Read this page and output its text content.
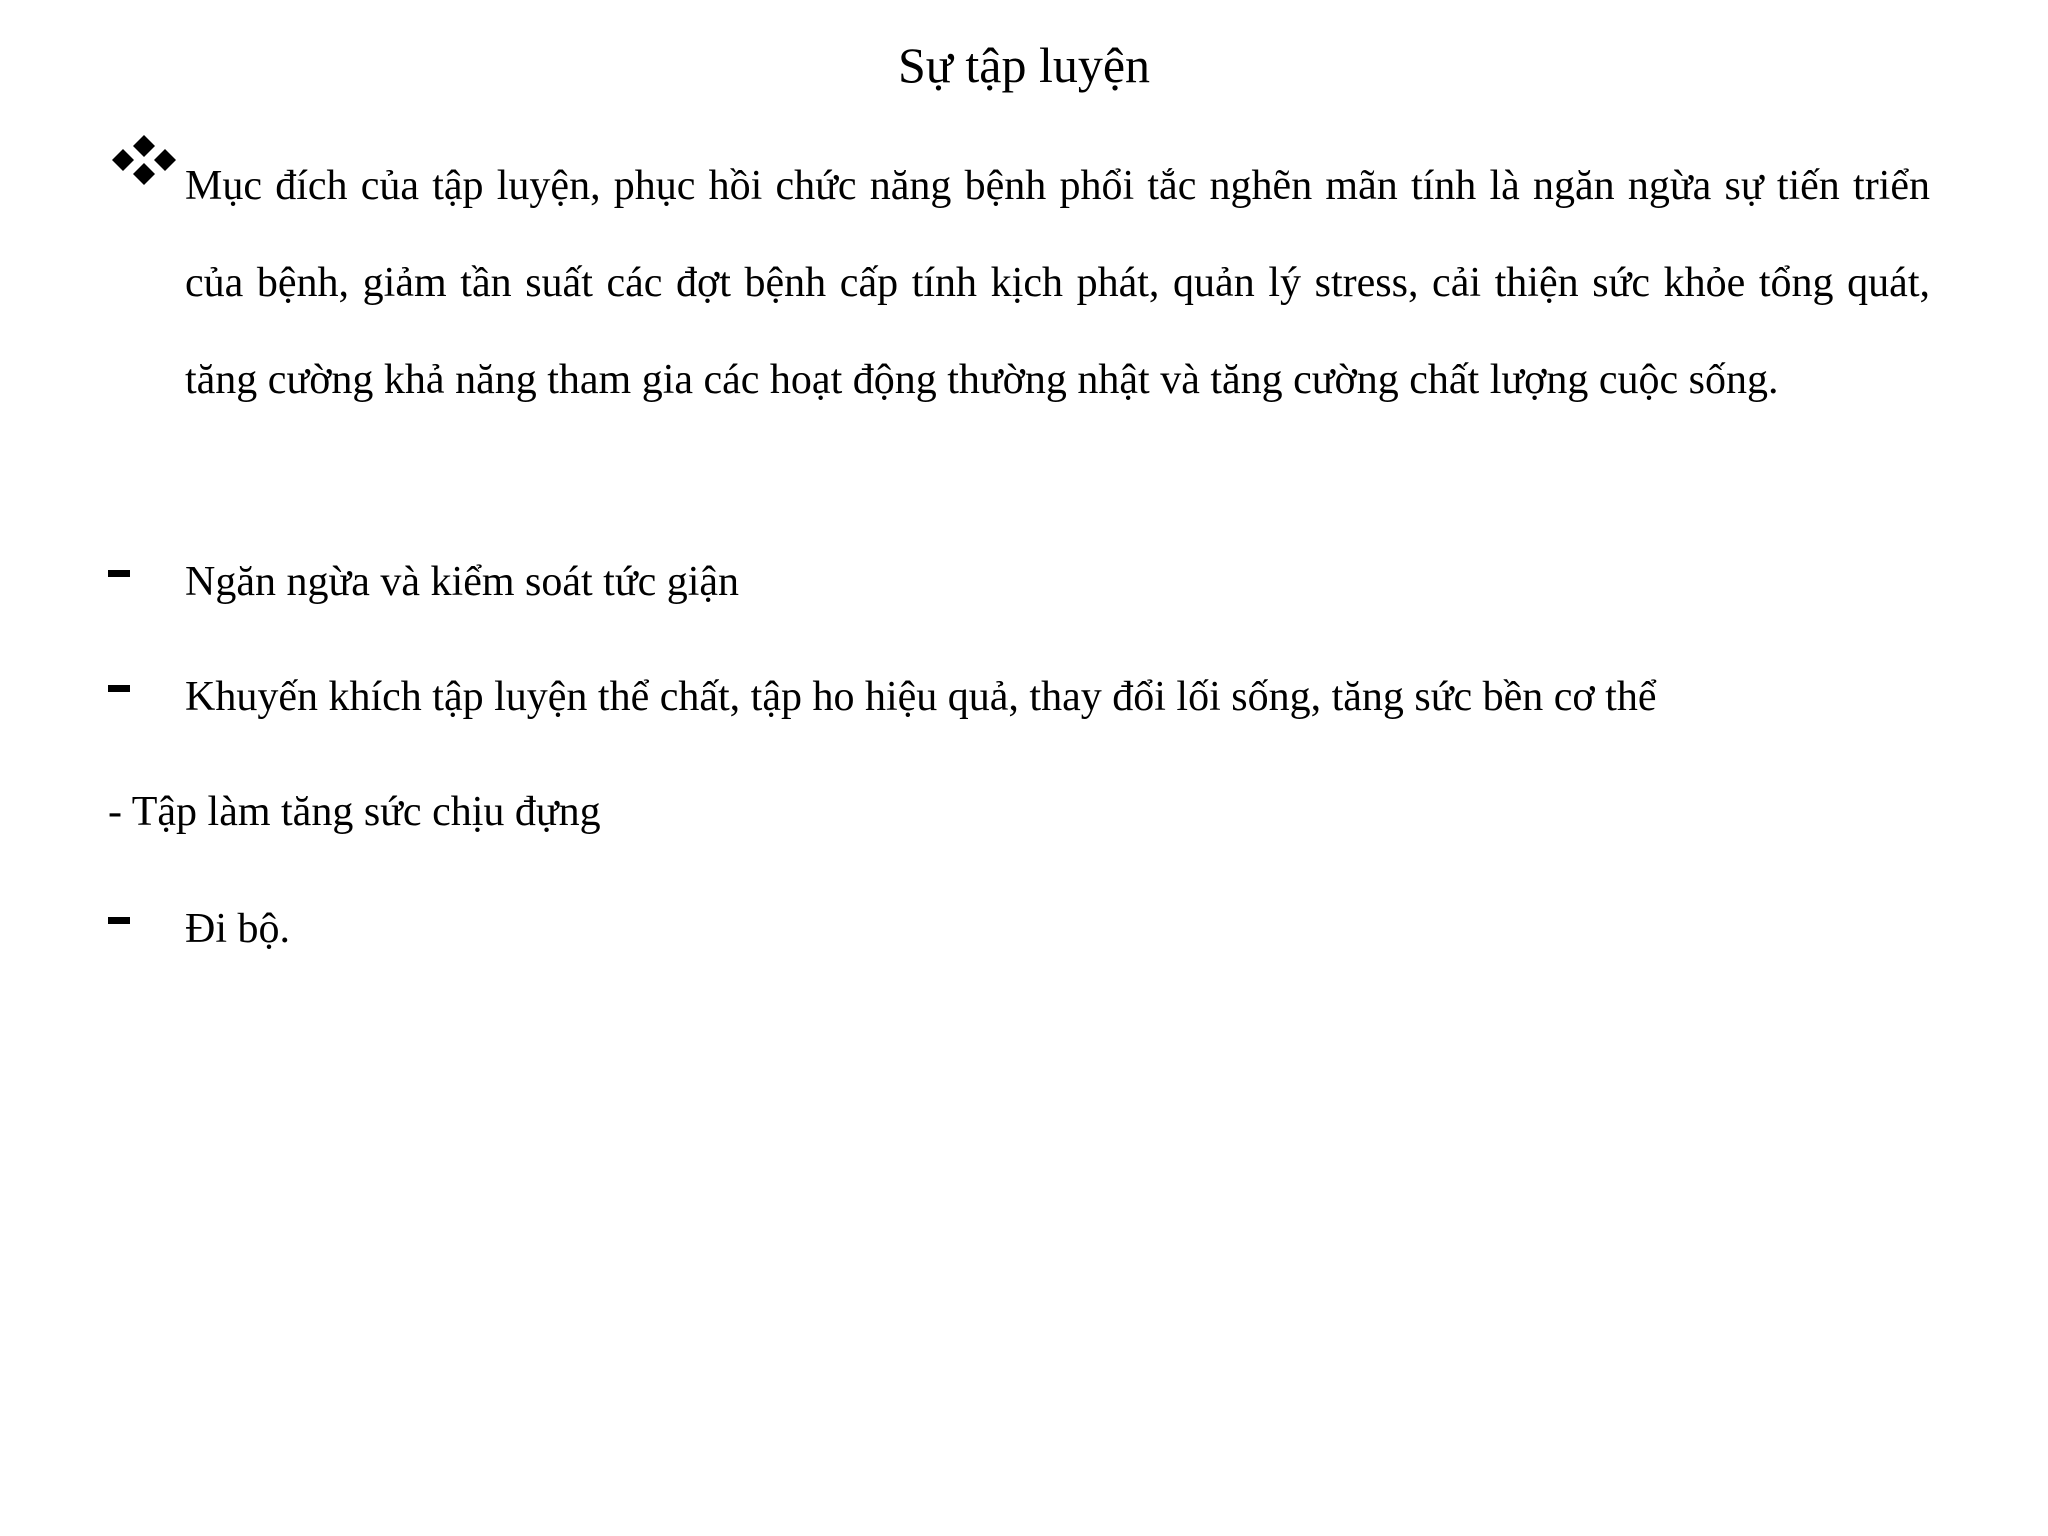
Sự tập luyện
Mục đích của tập luyện, phục hồi chức năng bệnh phổi tắc nghẽn mãn tính là ngăn ngừa sự tiến triển của bệnh, giảm tần suất các đợt bệnh cấp tính kịch phát, quản lý stress, cải thiện sức khỏe tổng quát, tăng cường khả năng tham gia các hoạt động thường nhật và tăng cường chất lượng cuộc sống.
Ngăn ngừa và kiểm soát tức giận
Khuyến khích tập luyện thể chất, tập ho hiệu quả, thay đổi lối sống, tăng sức bền cơ thể
- Tập làm tăng sức chịu đựng
Đi bộ.
